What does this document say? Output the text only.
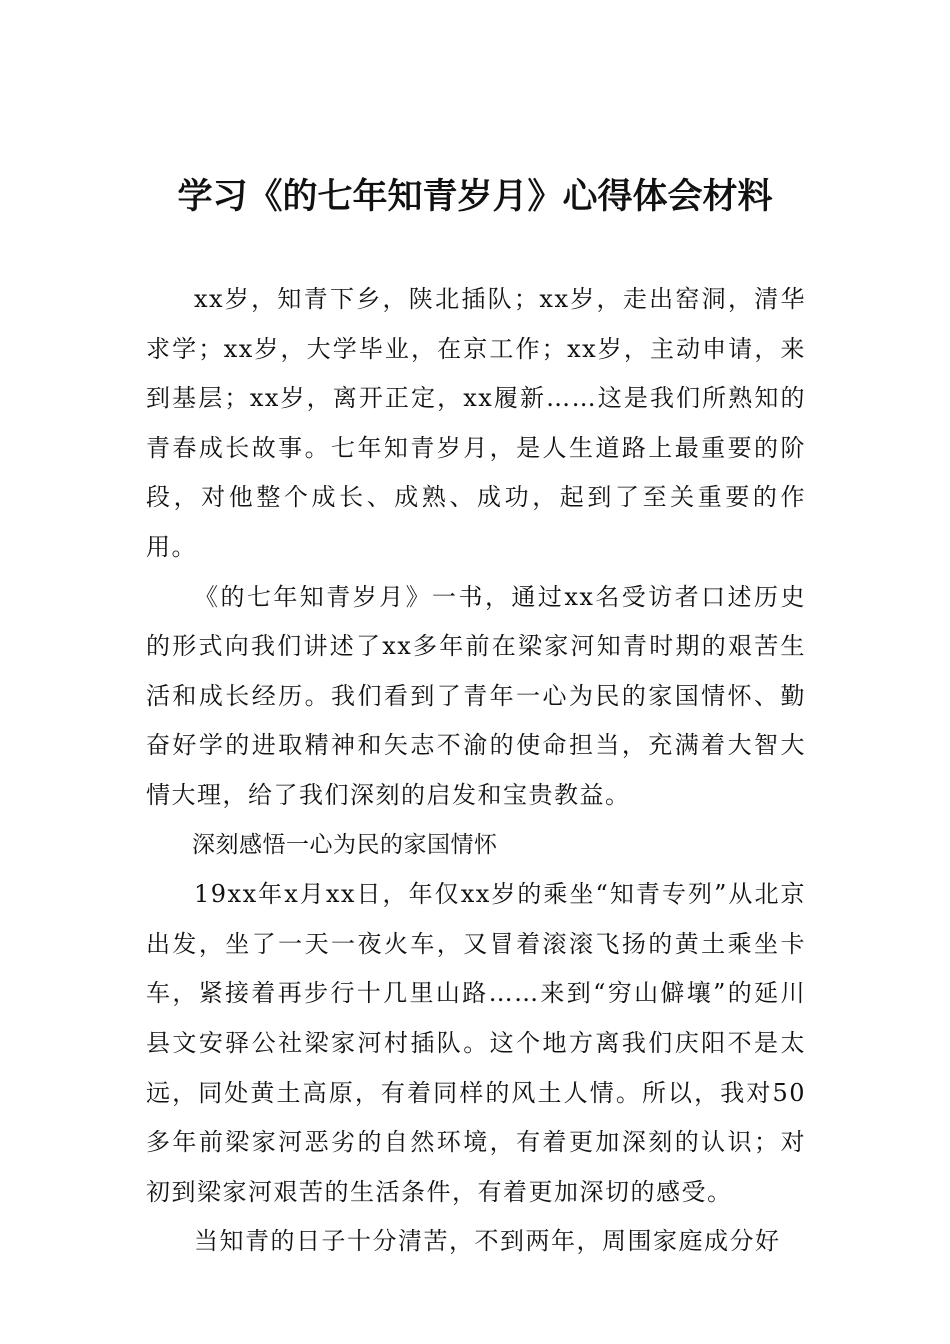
学习《的七年知青岁月》心得体会材料

xx岁，知青下乡，陕北插队；xx岁，走出窑洞，清华求学；xx岁，大学毕业，在京工作；xx岁，主动申请，来到基层；xx岁，离开正定，xx履新……这是我们所熟知的青春成长故事。七年知青岁月，是人生道路上最重要的阶段，对他整个成长、成熟、成功，起到了至关重要的作用。

《的七年知青岁月》一书，通过xx名受访者口述历史的形式向我们讲述了xx多年前在梁家河知青时期的艰苦生活和成长经历。我们看到了青年一心为民的家国情怀、勤奋好学的进取精神和矢志不渝的使命担当，充满着大智大情大理，给了我们深刻的启发和宝贵教益。

深刻感悟一心为民的家国情怀

19xx年x月xx日，年仅xx岁的乘坐“知青专列”从北京出发，坐了一天一夜火车，又冒着滚滚飞扬的黄土乘坐卡车，紧接着再步行十几里山路……来到“穷山僻壤”的延川县文安驿公社梁家河村插队。这个地方离我们庆阳不是太远，同处黄土高原，有着同样的风土人情。所以，我对50多年前梁家河恶劣的自然环境，有着更加深刻的认识；对初到梁家河艰苦的生活条件，有着更加深切的感受。

当知青的日子十分清苦，不到两年，周围家庭成分好
